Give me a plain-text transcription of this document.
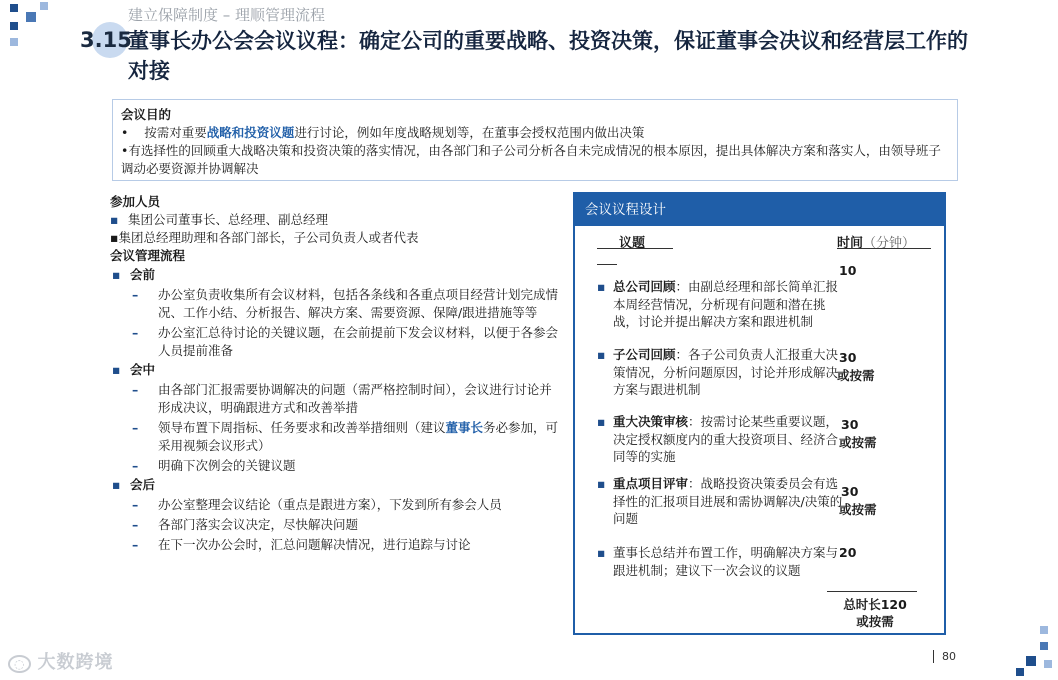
建立保障制度 – 理顺管理流程
3.15
董事长办公会会议议程：确定公司的重要战略、投资决策，保证董事会决议和经营层工作的对接
会议目的
•    按需对重要战略和投资议题进行讨论，例如年度战略规划等，在董事会授权范围内做出决策
•有选择性的回顾重大战略决策和投资决策的落实情况，由各部门和子公司分析各自未完成情况的根本原因，提出具体解决方案和落实人，由领导班子调动必要资源并协调解决
参加人员
▪ 集团公司董事长、总经理、副总经理
▪集团总经理助理和各部门部长，子公司负责人或者代表
会议管理流程
▪ 会前
– 办公室负责收集所有会议材料，包括各条线和各重点项目经营计划完成情况、工作小结、分析报告、解决方案、需要资源、保障/跟进措施等等
– 办公室汇总待讨论的关键议题，在会前提前下发会议材料，以便于各参会人员提前准备
▪ 会中
– 由各部门汇报需要协调解决的问题（需严格控制时间），会议进行讨论并形成决议，明确跟进方式和改善举措
– 领导布置下周指标、任务要求和改善举措细则（建议董事长务必参加，可采用视频会议形式）
– 明确下次例会的关键议题
▪ 会后
– 办公室整理会议结论（重点是跟进方案），下发到所有参会人员
– 各部门落实会议决定，尽快解决问题
– 在下一次办公会时，汇总问题解决情况，进行追踪与讨论
会议议程设计
议题	时间（分钟）
▪ 总公司回顾：由副总经理和部长简单汇报本周经营情况，分析现有问题和潜在挑战，讨论并提出解决方案和跟进机制
10
▪ 子公司回顾：各子公司负责人汇报重大决策情况，分析问题原因，讨论并形成解决方案与跟进机制
30
或按需
▪ 重大决策审核：按需讨论某些重要议题，决定授权额度内的重大投资项目、经济合同等的实施
30
或按需
▪ 重点项目评审：战略投资决策委员会有选择性的汇报项目进展和需协调解决/决策的问题
30
或按需
▪ 董事长总结并布置工作，明确解决方案与跟进机制；建议下一次会议的议题
20
总时长120
或按需
◌ 大数跨境	80
